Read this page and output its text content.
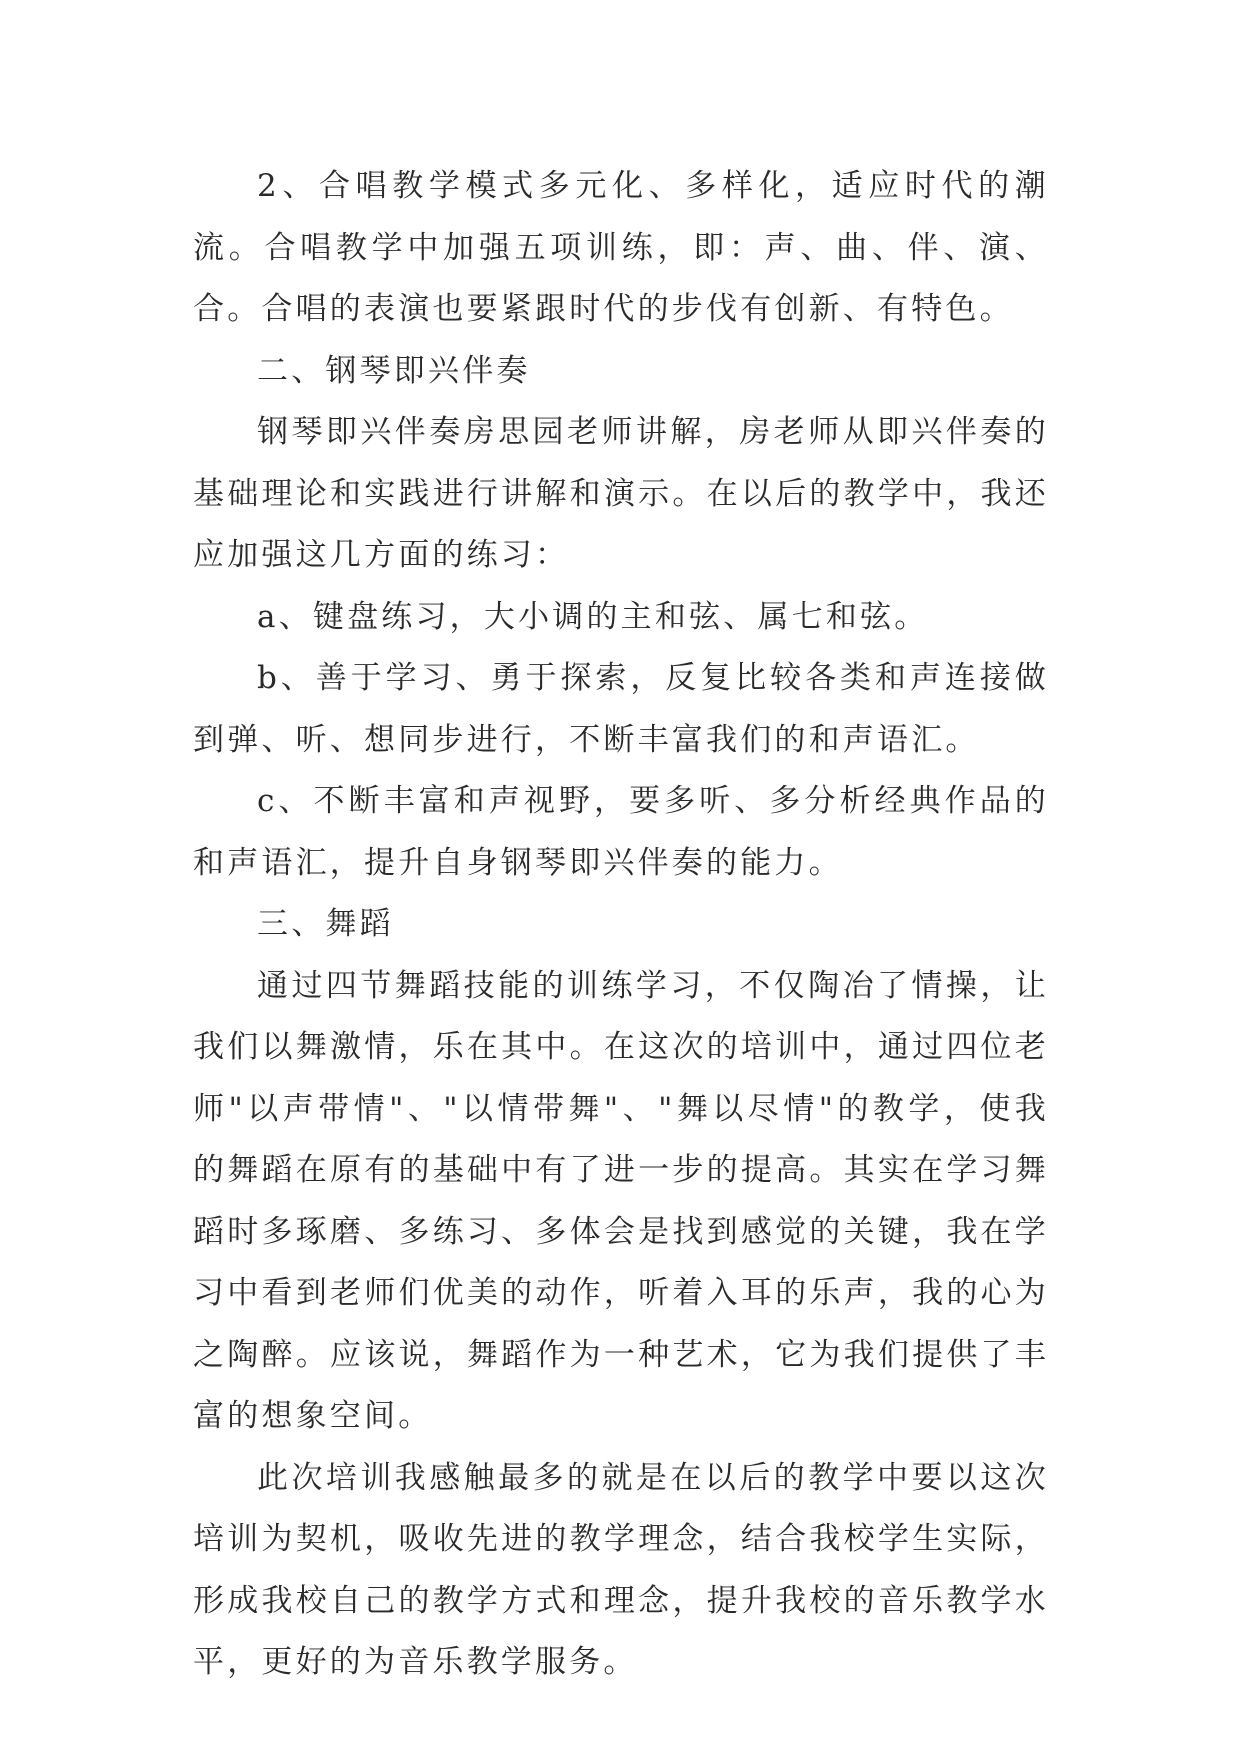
2、合唱教学模式多元化、多样化，适应时代的潮流。合唱教学中加强五项训练，即：声、曲、伴、演、合。合唱的表演也要紧跟时代的步伐有创新、有特色。

二、钢琴即兴伴奏

钢琴即兴伴奏房思园老师讲解，房老师从即兴伴奏的基础理论和实践进行讲解和演示。在以后的教学中，我还应加强这几方面的练习：

a、键盘练习，大小调的主和弦、属七和弦。

b、善于学习、勇于探索，反复比较各类和声连接做到弹、听、想同步进行，不断丰富我们的和声语汇。

c、不断丰富和声视野，要多听、多分析经典作品的和声语汇，提升自身钢琴即兴伴奏的能力。

三、舞蹈

通过四节舞蹈技能的训练学习，不仅陶冶了情操，让我们以舞激情，乐在其中。在这次的培训中，通过四位老师"以声带情"、"以情带舞"、"舞以尽情"的教学，使我的舞蹈在原有的基础中有了进一步的提高。其实在学习舞蹈时多琢磨、多练习、多体会是找到感觉的关键，我在学习中看到老师们优美的动作，听着入耳的乐声，我的心为之陶醉。应该说，舞蹈作为一种艺术，它为我们提供了丰富的想象空间。

此次培训我感触最多的就是在以后的教学中要以这次培训为契机，吸收先进的教学理念，结合我校学生实际，形成我校自己的教学方式和理念，提升我校的音乐教学水平，更好的为音乐教学服务。
